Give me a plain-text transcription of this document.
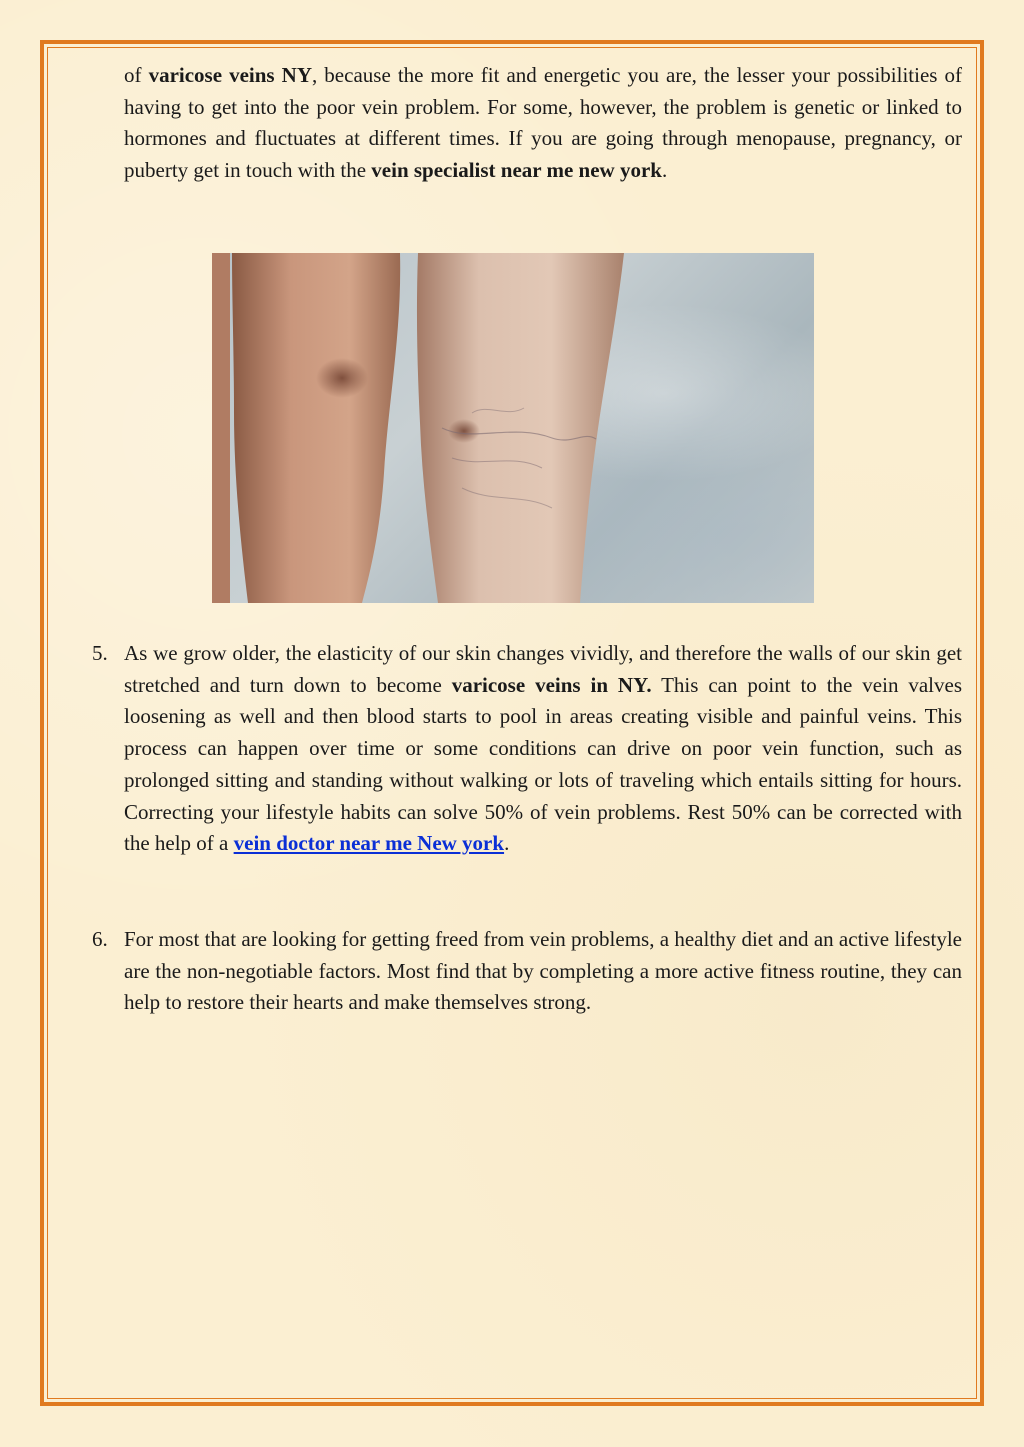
of varicose veins NY, because the more fit and energetic you are, the lesser your possibilities of having to get into the poor vein problem. For some, however, the problem is genetic or linked to hormones and fluctuates at different times. If you are going through menopause, pregnancy, or puberty get in touch with the vein specialist near me new york.

5. As we grow older, the elasticity of our skin changes vividly, and therefore the walls of our skin get stretched and turn down to become varicose veins in NY. This can point to the vein valves loosening as well and then blood starts to pool in areas creating visible and painful veins. This process can happen over time or some conditions can drive on poor vein function, such as prolonged sitting and standing without walking or lots of traveling which entails sitting for hours. Correcting your lifestyle habits can solve 50% of vein problems. Rest 50% can be corrected with the help of a vein doctor near me New york.

6. For most that are looking for getting freed from vein problems, a healthy diet and an active lifestyle are the non-negotiable factors. Most find that by completing a more active fitness routine, they can help to restore their hearts and make themselves strong.
